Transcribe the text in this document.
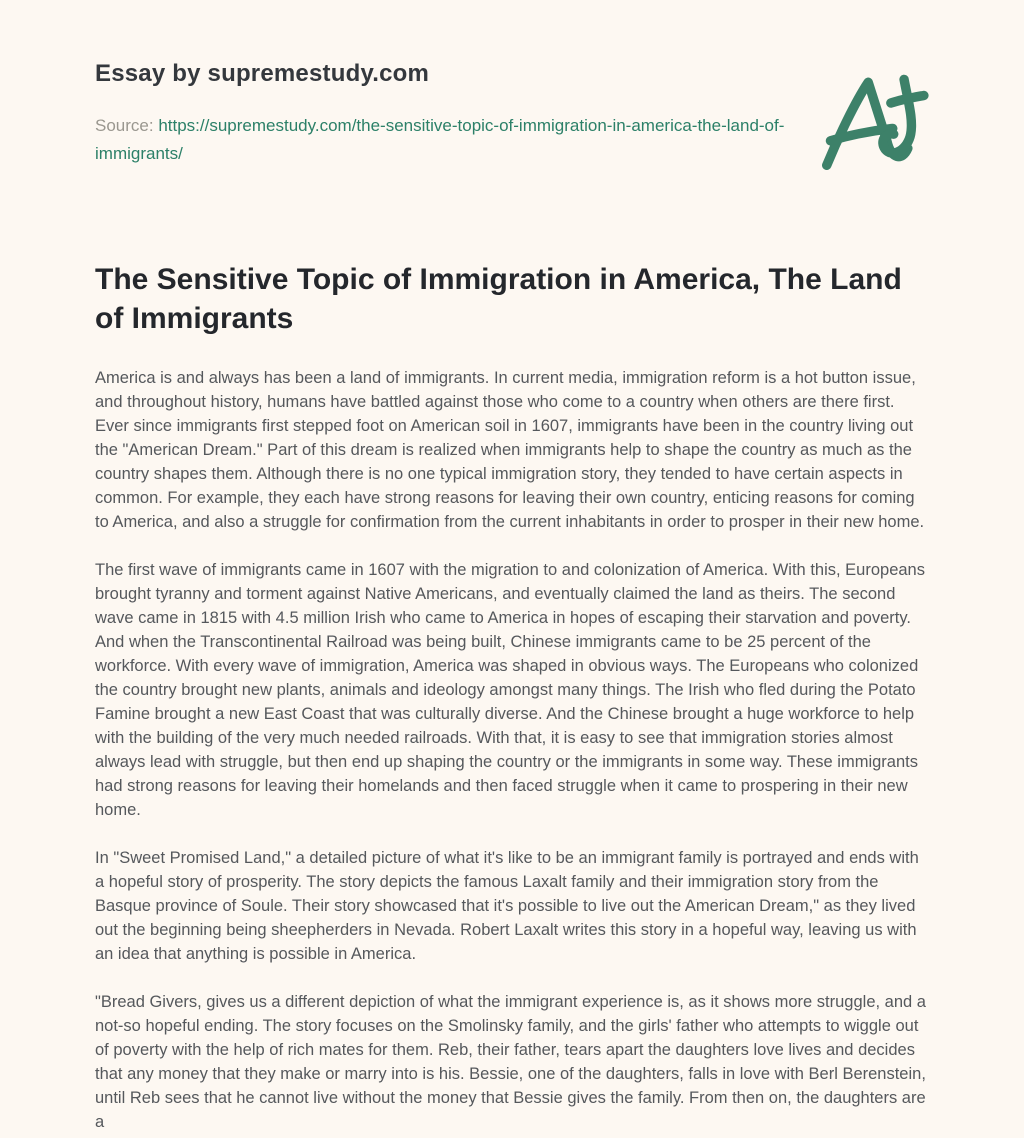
Essay by supremestudy.com
Source: https://supremestudy.com/the-sensitive-topic-of-immigration-in-america-the-land-of-immigrants/
The Sensitive Topic of Immigration in America, The Land of Immigrants

America is and always has been a land of immigrants. In current media, immigration reform is a hot button issue, and throughout history, humans have battled against those who come to a country when others are there first. Ever since immigrants first stepped foot on American soil in 1607, immigrants have been in the country living out the "American Dream." Part of this dream is realized when immigrants help to shape the country as much as the country shapes them. Although there is no one typical immigration story, they tended to have certain aspects in common. For example, they each have strong reasons for leaving their own country, enticing reasons for coming to America, and also a struggle for confirmation from the current inhabitants in order to prosper in their new home.

The first wave of immigrants came in 1607 with the migration to and colonization of America. With this, Europeans brought tyranny and torment against Native Americans, and eventually claimed the land as theirs. The second wave came in 1815 with 4.5 million Irish who came to America in hopes of escaping their starvation and poverty. And when the Transcontinental Railroad was being built, Chinese immigrants came to be 25 percent of the workforce. With every wave of immigration, America was shaped in obvious ways. The Europeans who colonized the country brought new plants, animals and ideology amongst many things. The Irish who fled during the Potato Famine brought a new East Coast that was culturally diverse. And the Chinese brought a huge workforce to help with the building of the very much needed railroads. With that, it is easy to see that immigration stories almost always lead with struggle, but then end up shaping the country or the immigrants in some way. These immigrants had strong reasons for leaving their homelands and then faced struggle when it came to prospering in their new home.

In "Sweet Promised Land," a detailed picture of what it's like to be an immigrant family is portrayed and ends with a hopeful story of prosperity. The story depicts the famous Laxalt family and their immigration story from the Basque province of Soule. Their story showcased that it's possible to live out the American Dream," as they lived out the beginning being sheepherders in Nevada. Robert Laxalt writes this story in a hopeful way, leaving us with an idea that anything is possible in America.

"Bread Givers, gives us a different depiction of what the immigrant experience is, as it shows more struggle, and a not-so hopeful ending. The story focuses on the Smolinsky family, and the girls' father who attempts to wiggle out of poverty with the help of rich mates for them. Reb, their father, tears apart the daughters love lives and decides that any money that they make or marry into is his. Bessie, one of the daughters, falls in love with Berl Berenstein, until Reb sees that he cannot live without the money that Bessie gives the family. From then on, the daughters are a
